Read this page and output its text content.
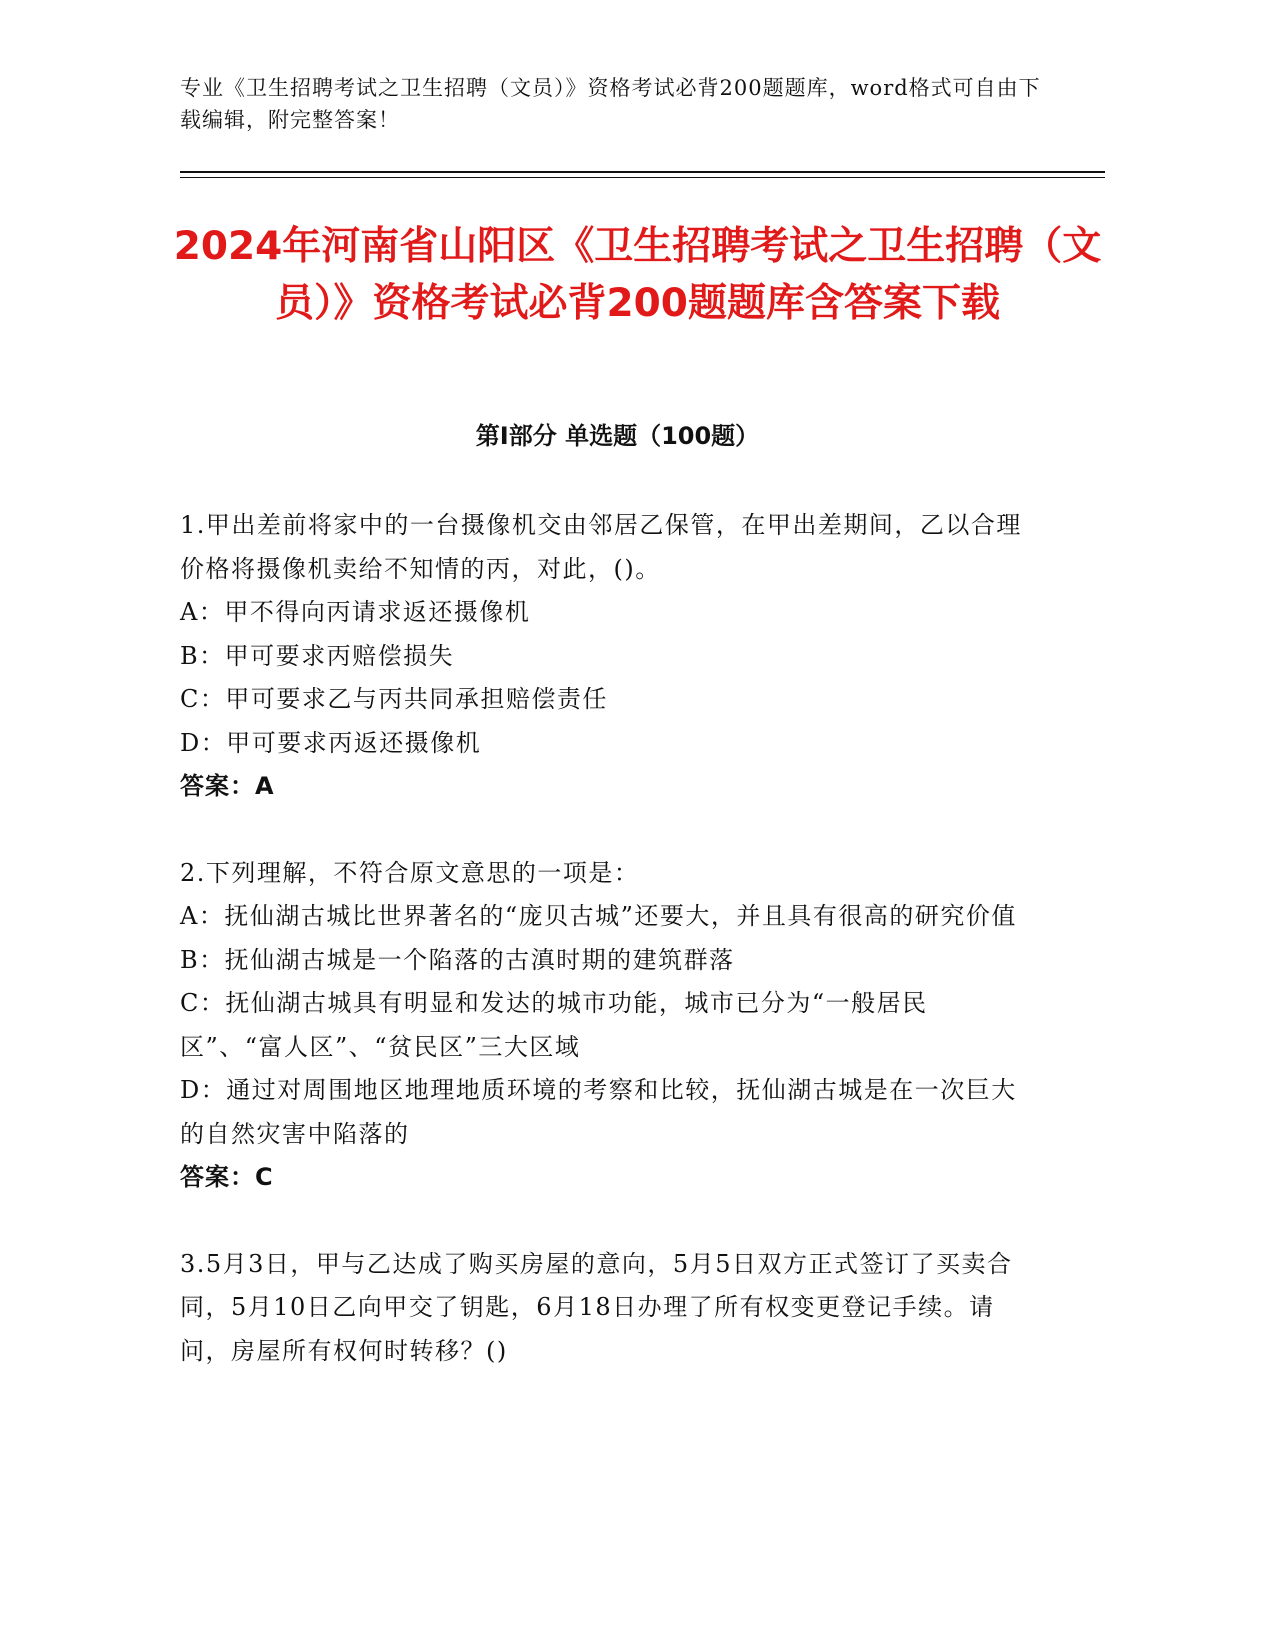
专业《卫生招聘考试之卫生招聘（文员）》资格考试必背200题题库，word格式可自由下载编辑，附完整答案！
2024年河南省山阳区《卫生招聘考试之卫生招聘（文员）》资格考试必背200题题库含答案下载
第Ⅰ部分 单选题（100题）
1.甲出差前将家中的一台摄像机交由邻居乙保管，在甲出差期间，乙以合理价格将摄像机卖给不知情的丙，对此，()。
A：甲不得向丙请求返还摄像机
B：甲可要求丙赔偿损失
C：甲可要求乙与丙共同承担赔偿责任
D：甲可要求丙返还摄像机
答案：A
2.下列理解，不符合原文意思的一项是：
A：抚仙湖古城比世界著名的“庞贝古城”还要大，并且具有很高的研究价值
B：抚仙湖古城是一个陷落的古滇时期的建筑群落
C：抚仙湖古城具有明显和发达的城市功能，城市已分为“一般居民区”、“富人区”、“贫民区”三大区域
D：通过对周围地区地理地质环境的考察和比较，抚仙湖古城是在一次巨大的自然灾害中陷落的
答案：C
3.5月3日，甲与乙达成了购买房屋的意向，5月5日双方正式签订了买卖合同，5月10日乙向甲交了钥匙，6月18日办理了所有权变更登记手续。请问，房屋所有权何时转移？()
